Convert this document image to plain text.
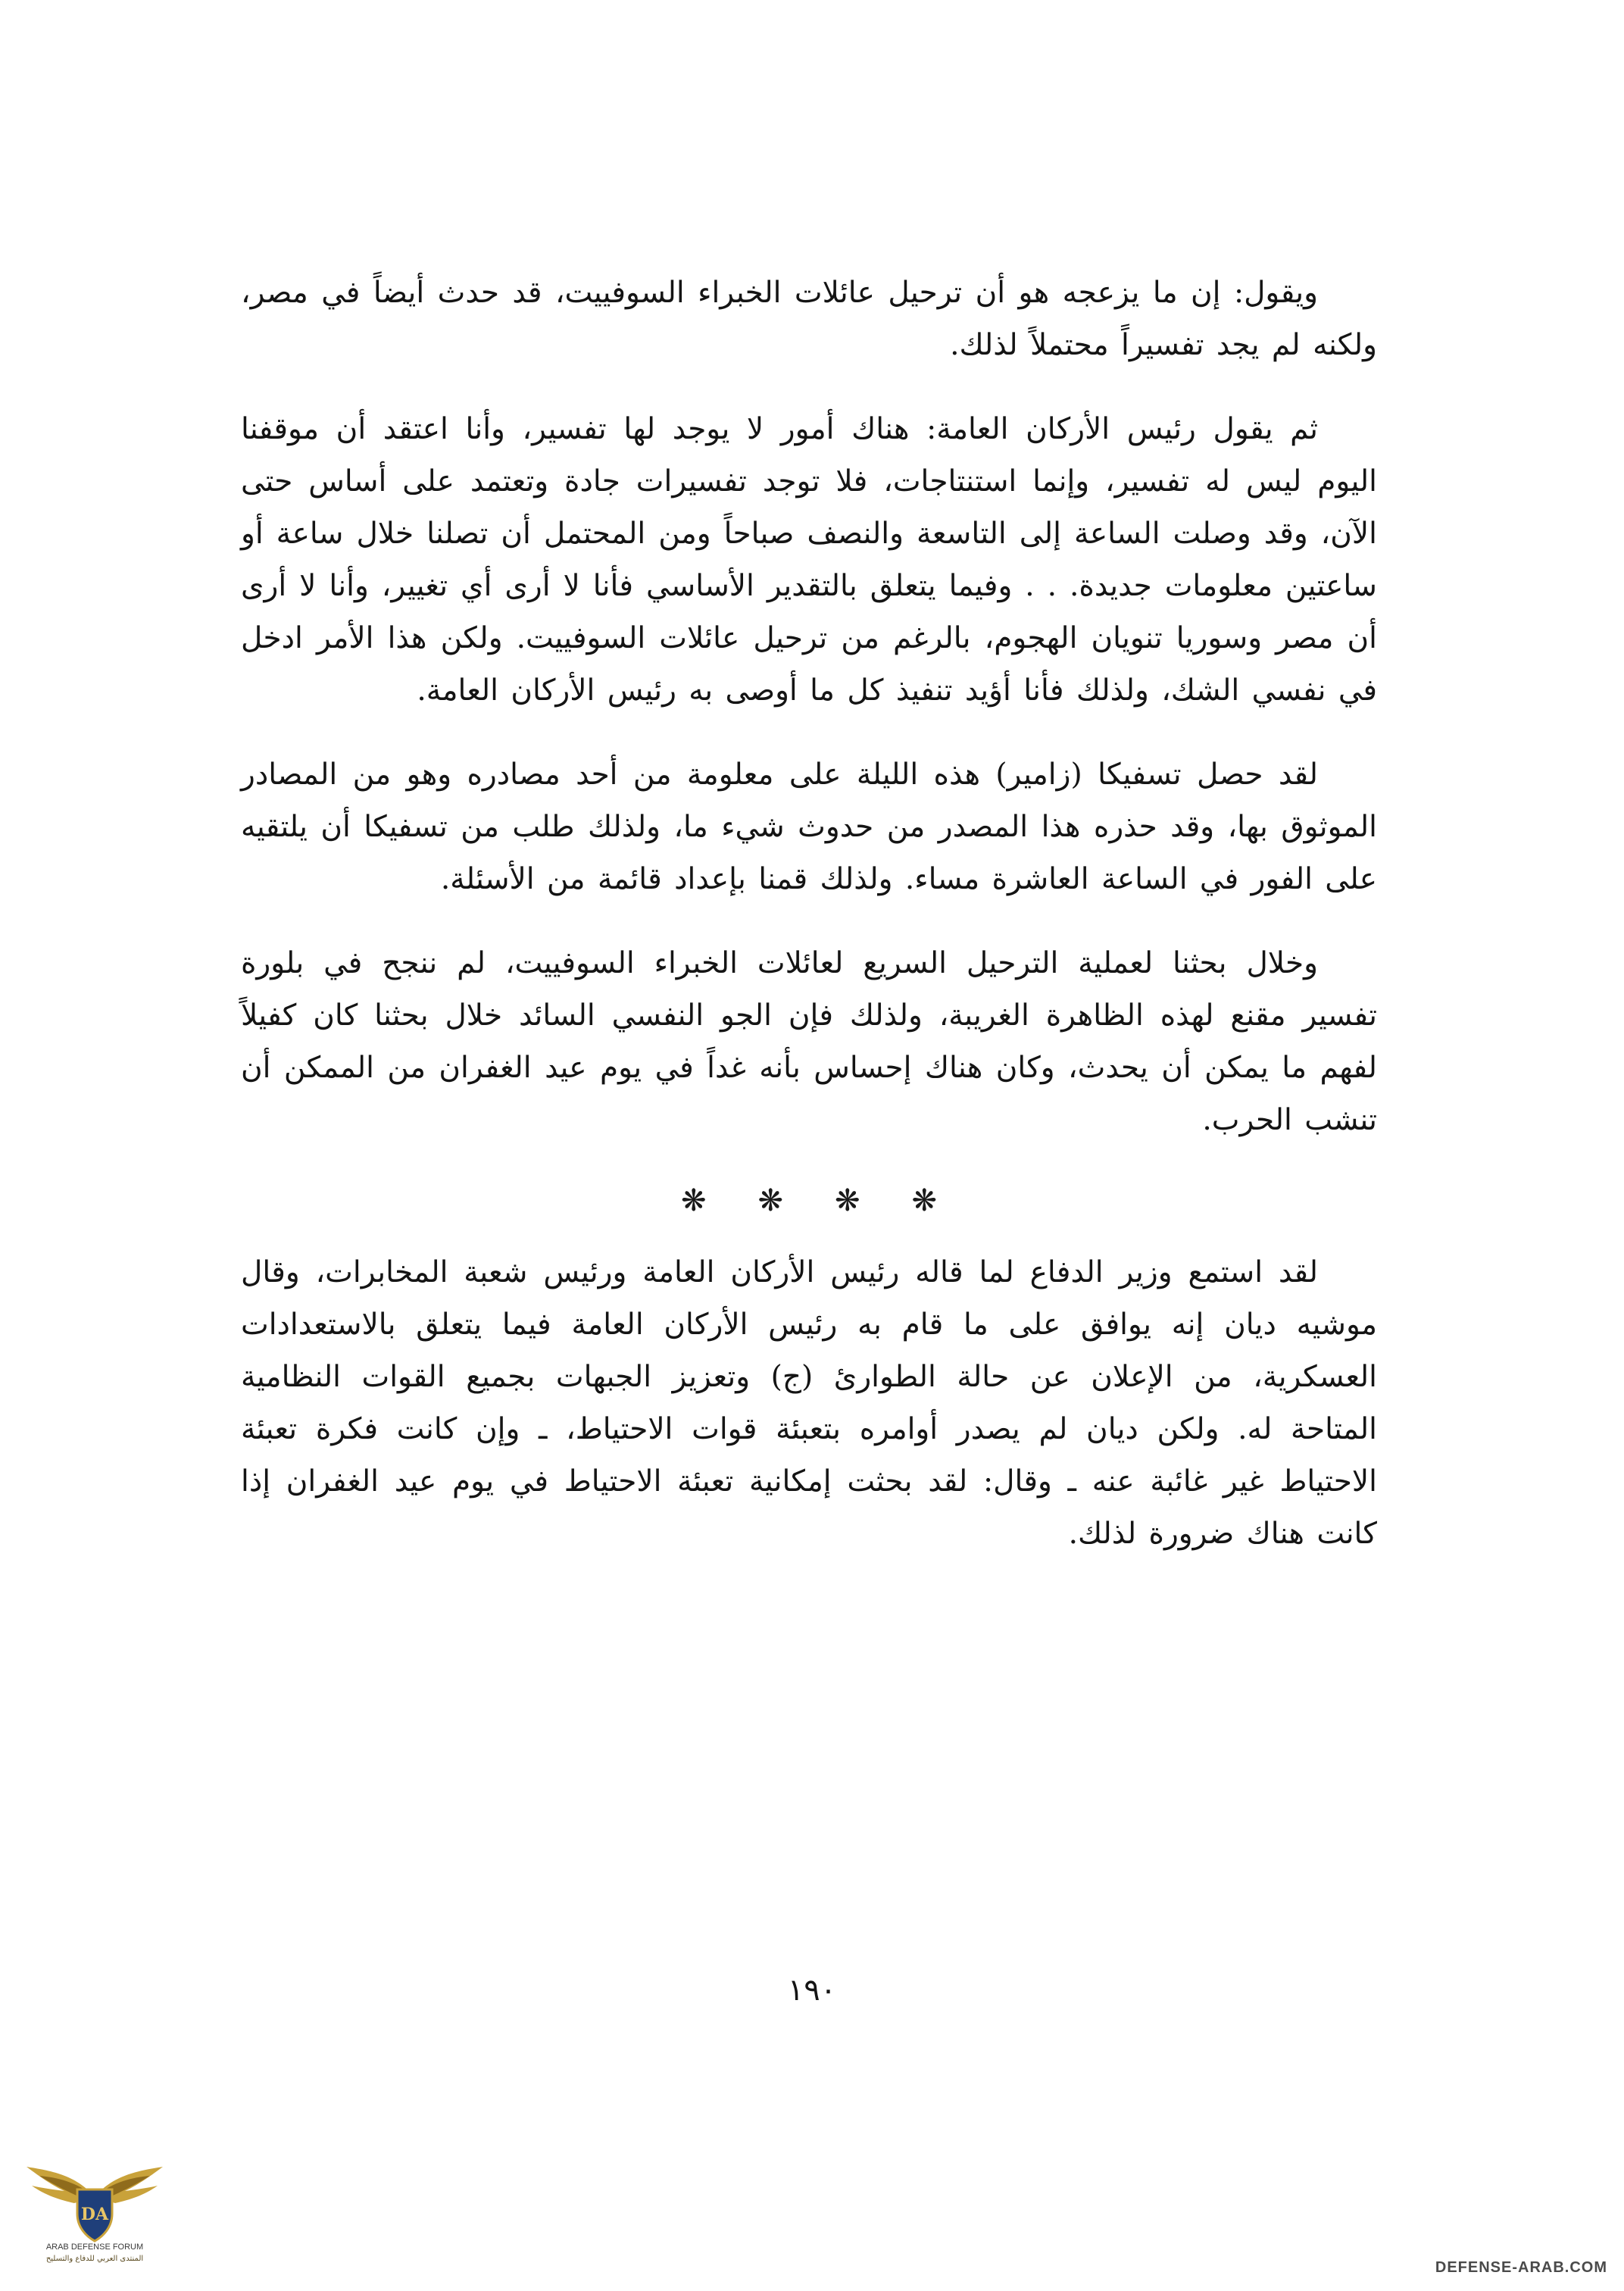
ويقول: إن ما يزعجه هو أن ترحيل عائلات الخبراء السوفييت، قد حدث أيضاً في مصر، ولكنه لم يجد تفسيراً محتملاً لذلك.

ثم يقول رئيس الأركان العامة: هناك أمور لا يوجد لها تفسير، وأنا اعتقد أن موقفنا اليوم ليس له تفسير، وإنما استنتاجات، فلا توجد تفسيرات جادة وتعتمد على أساس حتى الآن، وقد وصلت الساعة إلى التاسعة والنصف صباحاً ومن المحتمل أن تصلنا خلال ساعة أو ساعتين معلومات جديدة. . . وفيما يتعلق بالتقدير الأساسي فأنا لا أرى أي تغيير، وأنا لا أرى أن مصر وسوريا تنويان الهجوم، بالرغم من ترحيل عائلات السوفييت. ولكن هذا الأمر ادخل في نفسي الشك، ولذلك فأنا أؤيد تنفيذ كل ما أوصى به رئيس الأركان العامة.

لقد حصل تسفيكا (زامير) هذه الليلة على معلومة من أحد مصادره وهو من المصادر الموثوق بها، وقد حذره هذا المصدر من حدوث شيء ما، ولذلك طلب من تسفيكا أن يلتقيه على الفور في الساعة العاشرة مساء. ولذلك قمنا بإعداد قائمة من الأسئلة.

وخلال بحثنا لعملية الترحيل السريع لعائلات الخبراء السوفييت، لم ننجح في بلورة تفسير مقنع لهذه الظاهرة الغريبة، ولذلك فإن الجو النفسي السائد خلال بحثنا كان كفيلاً لفهم ما يمكن أن يحدث، وكان هناك إحساس بأنه غداً في يوم عيد الغفران من الممكن أن تنشب الحرب.

❋ ❋ ❋ ❋

لقد استمع وزير الدفاع لما قاله رئيس الأركان العامة ورئيس شعبة المخابرات، وقال موشيه ديان إنه يوافق على ما قام به رئيس الأركان العامة فيما يتعلق بالاستعدادات العسكرية، من الإعلان عن حالة الطوارئ (ج) وتعزيز الجبهات بجميع القوات النظامية المتاحة له. ولكن ديان لم يصدر أوامره بتعبئة قوات الاحتياط، ـ وإن كانت فكرة تعبئة الاحتياط غير غائبة عنه ـ وقال: لقد بحثت إمكانية تعبئة الاحتياط في يوم عيد الغفران إذا كانت هناك ضرورة لذلك.

١٩٠
DA
ARAB DEFENSE FORUM
المنتدى العربي للدفاع والتسليح
DEFENSE-ARAB.COM
